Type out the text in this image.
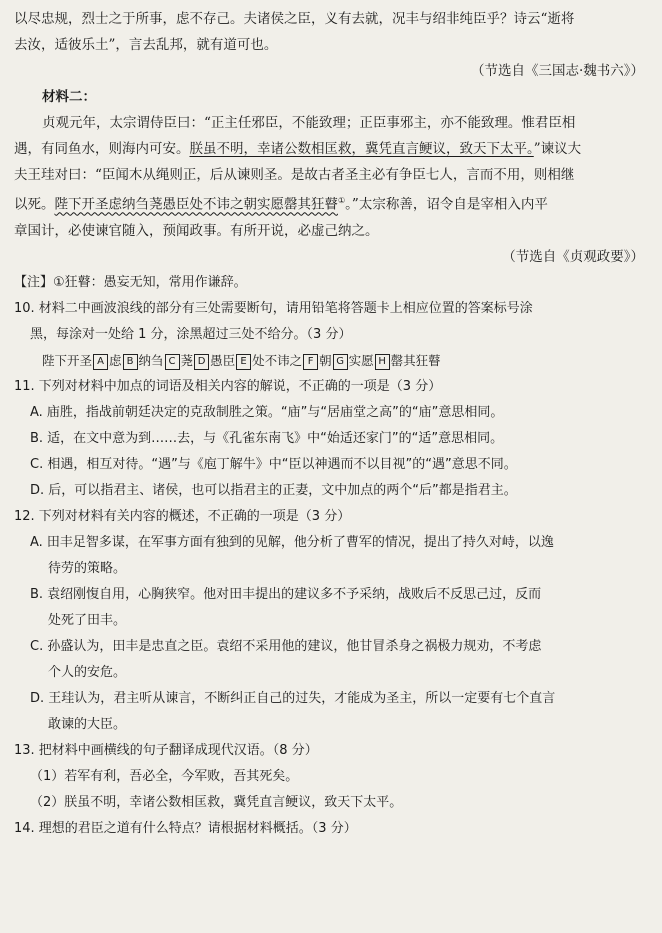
以尽忠规，烈士之于所事，虑不存己。夫诸侯之臣，义有去就，况丰与绍非纯臣乎？诗云“逝将

去汝，适彼乐土”，言去乱邦，就有道可也。

（节选自《三国志·魏书六》）

材料二：

贞观元年，太宗谓侍臣曰：“正主任邪臣，不能致理；正臣事邪主，亦不能致理。惟君臣相

遇，有同鱼水，则海内可安。朕虽不明，幸诸公数相匡救，冀凭直言鲠议，致天下太平。”谏议大

夫王珪对曰：“臣闻木从绳则正，后从谏则圣。是故古者圣主必有争臣七人，言而不用，则相继

以死。陛下开圣虑纳刍荛愚臣处不讳之朝实愿罄其狂瞽①。”太宗称善，诏令自是宰相入内平

章国计，必使谏官随入，预闻政事。有所开说，必虚己纳之。

（节选自《贞观政要》）

【注】①狂瞽：愚妄无知，常用作谦辞。

10. 材料二中画波浪线的部分有三处需要断句，请用铅笔将答题卡上相应位置的答案标号涂

黑，每涂对一处给 1 分，涂黑超过三处不给分。（3 分）

陛下开圣 A 虑 B 纳刍 C 荛 D 愚臣 E 处不讳之 F 朝 G 实愿 H 罄其狂瞽

11. 下列对材料中加点的词语及相关内容的解说，不正确的一项是（3 分）

A. 庙胜，指战前朝廷决定的克敌制胜之策。“庙”与“居庙堂之高”的“庙”意思相同。

B. 适，在文中意为到……去，与《孔雀东南飞》中“始适还家门”的“适”意思相同。

C. 相遇，相互对待。“遇”与《庖丁解牛》中“臣以神遇而不以目视”的“遇”意思不同。

D. 后，可以指君主、诸侯，也可以指君主的正妻，文中加点的两个“后”都是指君主。

12. 下列对材料有关内容的概述，不正确的一项是（3 分）

A. 田丰足智多谋，在军事方面有独到的见解，他分析了曹军的情况，提出了持久对峙，以逸

待劳的策略。

B. 袁绍刚愎自用，心胸狭窄。他对田丰提出的建议多不予采纳，战败后不反思己过，反而

处死了田丰。

C. 孙盛认为，田丰是忠直之臣。袁绍不采用他的建议，他甘冒杀身之祸极力规劝，不考虑

个人的安危。

D. 王珪认为，君主听从谏言，不断纠正自己的过失，才能成为圣主，所以一定要有七个直言

敢谏的大臣。

13. 把材料中画横线的句子翻译成现代汉语。（8 分）

（1）若军有利，吾必全，今军败，吾其死矣。

（2）朕虽不明，幸诸公数相匡救，冀凭直言鲠议，致天下太平。

14. 理想的君臣之道有什么特点？请根据材料概括。（3 分）
